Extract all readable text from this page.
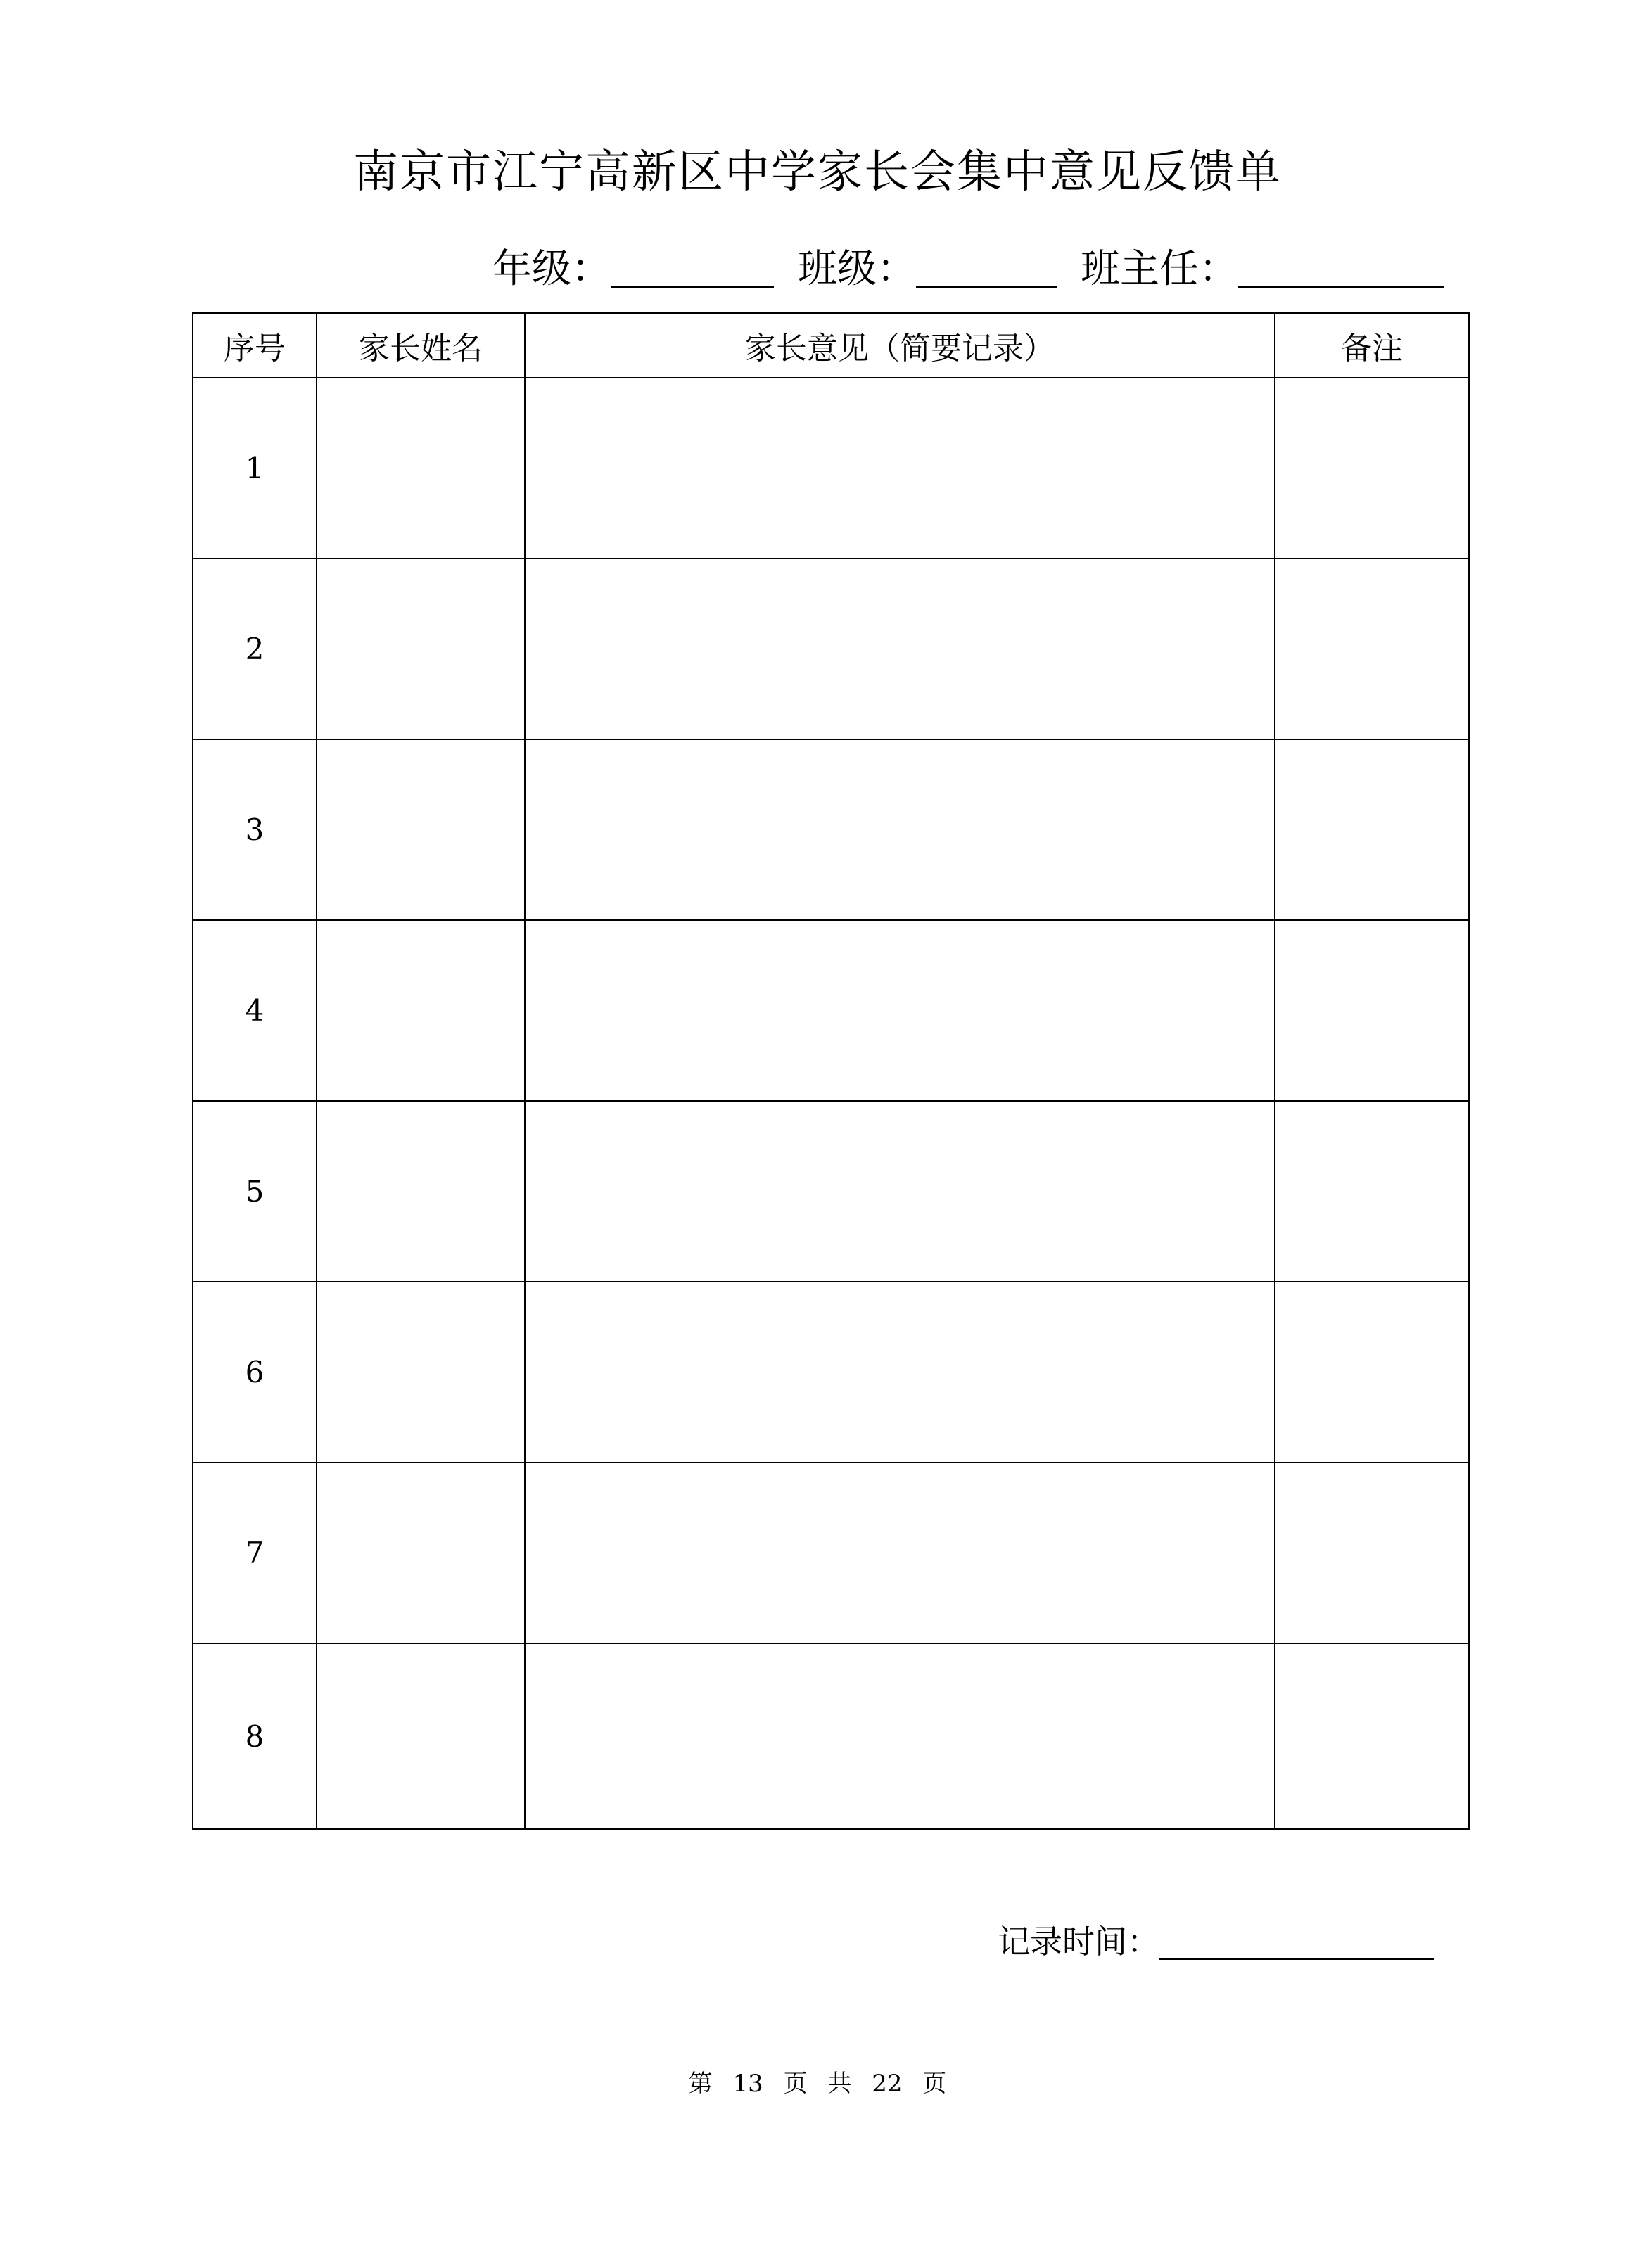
南京市江宁高新区中学家长会集中意见反馈单
年级：	班级：	班主任：
序号	家长姓名	家长意见（简要记录）	备注
1			
2			
3			
4			
5			
6			
7			
8			
记录时间：
第 13 页 共 22 页
